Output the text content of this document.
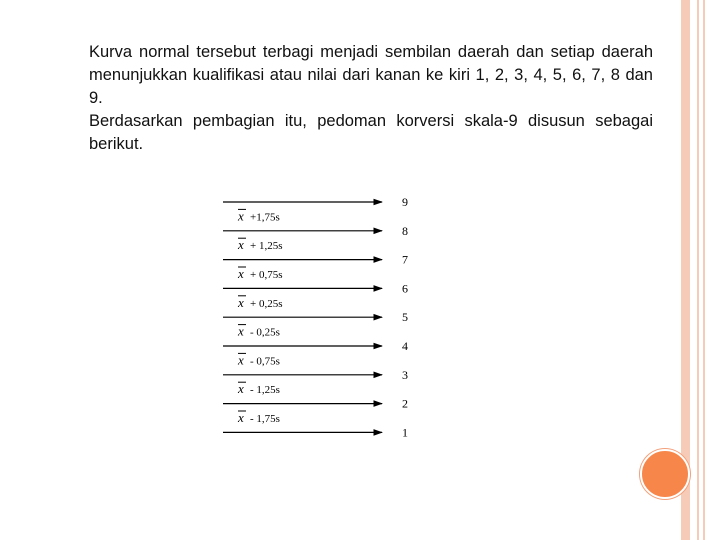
Kurva normal tersebut terbagi menjadi sembilan daerah dan setiap daerah menunjukkan kualifikasi atau nilai dari kanan ke kiri 1, 2, 3, 4, 5, 6, 7, 8 dan 9.

Berdasarkan pembagian itu, pedoman korversi skala-9 disusun sebagai berikut.

9
8
7
6
5
4
3
2
1
x +1,75s
x + 1,25s
x + 0,75s
x + 0,25s
x - 0,25s
x - 0,75s
x - 1,25s
x - 1,75s
